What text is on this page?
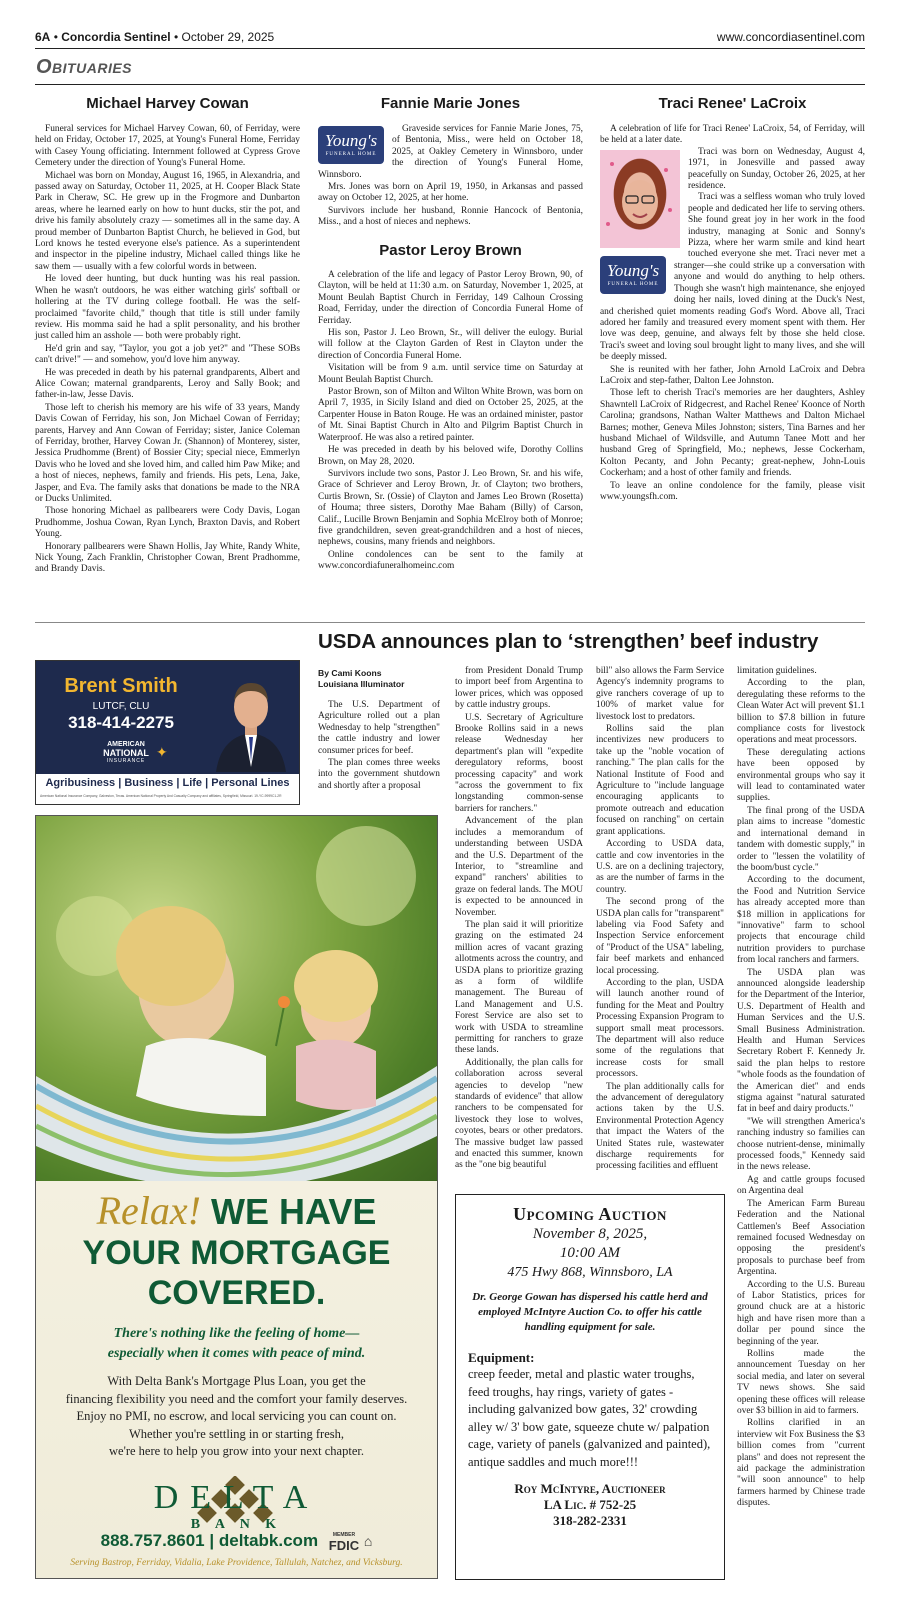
6A • Concordia Sentinel • October 29, 2025	www.concordiasentinel.com
Obituaries
Michael Harvey Cowan

Funeral services for Michael Harvey Cowan, 60, of Ferriday, were held on Friday, October 17, 2025, at Young's Funeral Home, Ferriday with Casey Young officiating. Internment followed at Cypress Grove Cemetery under the direction of Young's Funeral Home.

Michael was born on Monday, August 16, 1965, in Alexandria, and passed away on Saturday, October 11, 2025, at H. Cooper Black State Park in Cheraw, SC. He grew up in the Frogmore and Dunbarton areas, where he learned early on how to hunt ducks, stir the pot, and drive his family absolutely crazy — sometimes all in the same day. A proud member of Dunbarton Baptist Church, he believed in God, but Lord knows he tested everyone else's patience. As a superintendent and inspector in the pipeline industry, Michael called things like he saw them — usually with a few colorful words in between.

He loved deer hunting, but duck hunting was his real passion. When he wasn't outdoors, he was either watching girls' softball or hollering at the TV during college football. He was the self-proclaimed "favorite child," though that title is still under family review. His momma said he had a split personality, and his brother just called him an asshole — both were probably right.

He'd grin and say, "Taylor, you got a job yet?" and "These SOBs can't drive!" — and somehow, you'd love him anyway.

He was preceded in death by his paternal grandparents, Albert and Alice Cowan; maternal grandparents, Leroy and Sally Book; and father-in-law, Jesse Davis.

Those left to cherish his memory are his wife of 33 years, Mandy Davis Cowan of Ferriday, his son, Jon Michael Cowan of Ferriday; parents, Harvey and Ann Cowan of Ferriday; sister, Janice Coleman of Ferriday, brother, Harvey Cowan Jr. (Shannon) of Monterey, sister, Jessica Prudhomme (Brent) of Bossier City; special niece, Emmerlyn Davis who he loved and she loved him, and called him Paw Mike; and a host of nieces, nephews, family and friends. His pets, Lena, Jake, Jasper, and Eva. The family asks that donations be made to the NRA or Ducks Unlimited.

Those honoring Michael as pallbearers were Cody Davis, Logan Prudhomme, Joshua Cowan, Ryan Lynch, Braxton Davis, and Robert Young.

Honorary pallbearers were Shawn Hollis, Jay White, Randy White, Nick Young, Zach Franklin, Christopher Cowan, Brent Pradhomme, and Brandy Davis.

Fannie Marie Jones
Young's
FUNERAL HOME

Graveside services for Fannie Marie Jones, 75, of Bentonia, Miss., were held on October 18, 2025, at Oakley Cemetery in Winnsboro, under the direction of Young's Funeral Home, Winnsboro.

Mrs. Jones was born on April 19, 1950, in Arkansas and passed away on October 12, 2025, at her home.

Survivors include her husband, Ronnie Hancock of Bentonia, Miss., and a host of nieces and nephews.

Pastor Leroy Brown

A celebration of the life and legacy of Pastor Leroy Brown, 90, of Clayton, will be held at 11:30 a.m. on Saturday, November 1, 2025, at Mount Beulah Baptist Church in Ferriday, 149 Calhoun Crossing Road, Ferriday, under the direction of Concordia Funeral Home of Ferriday.

His son, Pastor J. Leo Brown, Sr., will deliver the eulogy. Burial will follow at the Clayton Garden of Rest in Clayton under the direction of Concordia Funeral Home.

Visitation will be from 9 a.m. until service time on Saturday at Mount Beulah Baptist Church.

Pastor Brown, son of Milton and Wilton White Brown, was born on April 7, 1935, in Sicily Island and died on October 25, 2025, at the Carpenter House in Baton Rouge. He was an ordained minister, pastor of Mt. Sinai Baptist Church in Alto and Pilgrim Baptist Church in Waterproof. He was also a retired painter.

He was preceded in death by his beloved wife, Dorothy Collins Brown, on May 28, 2020.

Survivors include two sons, Pastor J. Leo Brown, Sr. and his wife, Grace of Schriever and Leroy Brown, Jr. of Clayton; two brothers, Curtis Brown, Sr. (Ossie) of Clayton and James Leo Brown (Rosetta) of Houma; three sisters, Dorothy Mae Baham (Billy) of Carson, Calif., Lucille Brown Benjamin and Sophia McElroy both of Monroe; five grandchildren, seven great-grandchildren and a host of nieces, nephews, cousins, many friends and neighbors.

Online condolences can be sent to the family at www.concordiafuneralhomeinc.com

Traci Renee' LaCroix

A celebration of life for Traci Renee' LaCroix, 54, of Ferriday, will be held at a later date.

Traci was born on Wednesday, August 4, 1971, in Jonesville and passed away peacefully on Sunday, October 26, 2025, at her residence.

Young's
FUNERAL HOME

Traci was a selfless woman who truly loved people and dedicated her life to serving others. She found great joy in her work in the food industry, managing at Sonic and Sonny's Pizza, where her warm smile and kind heart touched everyone she met. Traci never met a stranger—she could strike up a conversation with anyone and would do anything to help others. Though she wasn't high maintenance, she enjoyed doing her nails, loved dining at the Duck's Nest, and cherished quiet moments reading God's Word. Above all, Traci adored her family and treasured every moment spent with them. Her love was deep, genuine, and always felt by those she held close. Traci's sweet and loving soul brought light to many lives, and she will be deeply missed.

She is reunited with her father, John Arnold LaCroix and Debra LaCroix and step-father, Dalton Lee Johnston.

Those left to cherish Traci's memories are her daughters, Ashley Shawntell LaCroix of Ridgecrest, and Rachel Renee' Koonce of North Carolina; grandsons, Nathan Walter Matthews and Dalton Michael Barnes; mother, Geneva Miles Johnston; sisters, Tina Barnes and her husband Michael of Wildsville, and Autumn Tanee Mott and her husband Greg of Springfield, Mo.; nephews, Jesse Cockerham, Kolton Pecanty, and John Pecanty; great-nephew, John-Louis Cockerham; and a host of other family and friends.

To leave an online condolence for the family, please visit www.youngsfh.com.

USDA announces plan to ‘strengthen’ beef industry
Brent Smith
LUTCF, CLU
318-414-2275
AMERICAN
NATIONAL
INSURANCE ✦
Agribusiness | Business | Life | Personal Lines
American National Insurance Company, Galveston, Texas. American National Property And Casualty Company and affiliates, Springfield, Missouri. 19-YC-9999C1-2R
Relax! WE HAVE
YOUR MORTGAGE
COVERED.
There's nothing like the feeling of home—
especially when it comes with peace of mind.
With Delta Bank's Mortgage Plus Loan, you get the
financing flexibility you need and the comfort your family deserves.
Enjoy no PMI, no escrow, and local servicing you can count on.
Whether you're settling in or starting fresh,
we're here to help you grow into your next chapter.
DELTA
B A N K
888.757.8601 | deltabk.com	MEMBER
FDIC ⌂
Serving Bastrop, Ferriday, Vidalia, Lake Providence, Tallulah, Natchez, and Vicksburg.
By Cami Koons
Louisiana Illuminator

The U.S. Department of Agriculture rolled out a plan Wednesday to help "strengthen" the cattle industry and lower consumer prices for beef.

The plan comes three weeks into the government shutdown and shortly after a proposal

from President Donald Trump to import beef from Argentina to lower prices, which was opposed by cattle industry groups.

U.S. Secretary of Agriculture Brooke Rollins said in a news release Wednesday her department's plan will "expedite deregulatory reforms, boost processing capacity" and work "across the government to fix longstanding common-sense barriers for ranchers."

Advancement of the plan includes a memorandum of understanding between USDA and the U.S. Department of the Interior, to "streamline and expand" ranchers' abilities to graze on federal lands. The MOU is expected to be announced in November.

The plan said it will prioritize grazing on the estimated 24 million acres of vacant grazing allotments across the country, and USDA plans to prioritize grazing as a form of wildlife management. The Bureau of Land Management and U.S. Forest Service are also set to work with USDA to streamline permitting for ranchers to graze these lands.

Additionally, the plan calls for collaboration across several agencies to develop "new standards of evidence" that allow ranchers to be compensated for livestock they lose to wolves, coyotes, bears or other predators. The massive budget law passed and enacted this summer, known as the "one big beautiful

bill" also allows the Farm Service Agency's indemnity programs to give ranchers coverage of up to 100% of market value for livestock lost to predators.

Rollins said the plan incentivizes new producers to take up the "noble vocation of ranching." The plan calls for the National Institute of Food and Agriculture to "include language encouraging applicants to promote outreach and education focused on ranching" on certain grant applications.

According to USDA data, cattle and cow inventories in the U.S. are on a declining trajectory, as are the number of farms in the country.

The second prong of the USDA plan calls for "transparent" labeling via Food Safety and Inspection Service enforcement of "Product of the USA" labeling, fair beef markets and enhanced local processing.

According to the plan, USDA will launch another round of funding for the Meat and Poultry Processing Expansion Program to support small meat processors. The department will also reduce some of the regulations that increase costs for small processors.

The plan additionally calls for the advancement of deregulatory actions taken by the U.S. Environmental Protection Agency that impact the Waters of the United States rule, wastewater discharge requirements for processing facilities and effluent

limitation guidelines.

According to the plan, deregulating these reforms to the Clean Water Act will prevent $1.1 billion to $7.8 billion in future compliance costs for livestock operations and meat processors.

These deregulating actions have been opposed by environmental groups who say it will lead to contaminated water supplies.

The final prong of the USDA plan aims to increase "domestic and international demand in tandem with domestic supply," in order to "lessen the volatility of the boom/bust cycle."

According to the document, the Food and Nutrition Service has already accepted more than $18 million in applications for "innovative" farm to school projects that encourage child nutrition providers to purchase from local ranchers and farmers.

The USDA plan was announced alongside leadership for the Department of the Interior, U.S. Department of Health and Human Services and the U.S. Small Business Administration. Health and Human Services Secretary Robert F. Kennedy Jr. said the plan helps to restore "whole foods as the foundation of the American diet" and ends stigma against "natural saturated fat in beef and dairy products."

"We will strengthen America's ranching industry so families can choose nutrient-dense, minimally processed foods," Kennedy said in the news release.

Ag and cattle groups focused on Argentina deal

The American Farm Bureau Federation and the National Cattlemen's Beef Association remained focused Wednesday on opposing the president's proposals to purchase beef from Argentina.

According to the U.S. Bureau of Labor Statistics, prices for ground chuck are at a historic high and have risen more than a dollar per pound since the beginning of the year.

Rollins made the announcement Tuesday on her social media, and later on several TV news shows. She said opening these offices will release over $3 billion in aid to farmers.

Rollins clarified in an interview wit Fox Business the $3 billion comes from "current plans" and does not represent the aid package the administration "will soon announce" to help farmers harmed by Chinese trade disputes.

Upcoming Auction
November 8, 2025,
10:00 AM
475 Hwy 868, Winnsboro, LA
Dr. George Gowan has dispersed his cattle herd and employed McIntyre Auction Co. to offer his cattle handling equipment for sale.
Equipment:
creep feeder, metal and plastic water troughs, feed troughs, hay rings, variety of gates - including galvanized bow gates, 32' crowding alley w/ 3' bow gate, squeeze chute w/ palpation cage, variety of panels (galvanized and painted), antique saddles and much more!!!
Roy McIntyre, Auctioneer
LA Lic. # 752-25
318-282-2331
